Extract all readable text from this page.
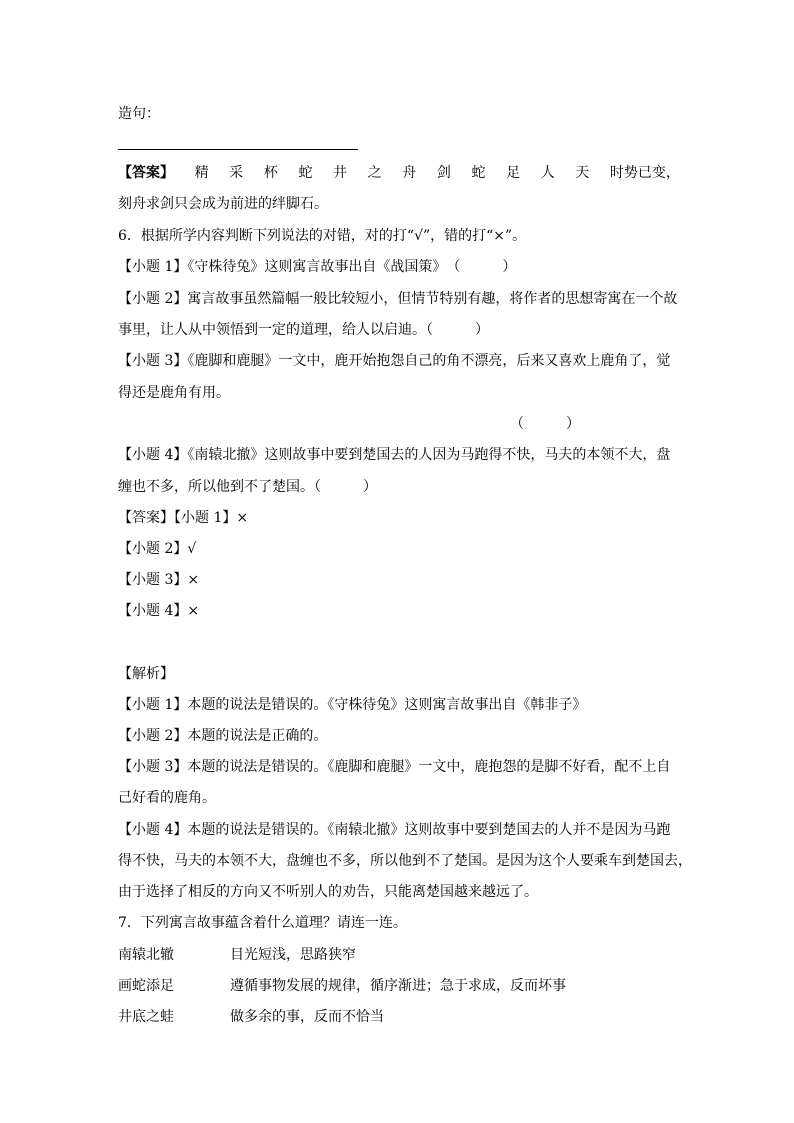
造句：
【答案】 精 采 杯 蛇 井 之 舟 剑 蛇 足 人 天 时势已变，
刻舟求剑只会成为前进的绊脚石。
6．根据所学内容判断下列说法的对错，对的打“√”，错的打“×”。
【小题 1】《守株待兔》这则寓言故事出自《战国策》　（　　　）
【小题 2】寓言故事虽然篇幅一般比较短小，但情节特别有趣，将作者的思想寄寓在一个故
事里，让人从中领悟到一定的道理，给人以启迪。（　　　）
【小题 3】《鹿脚和鹿腿》一文中，鹿开始抱怨自己的角不漂亮，后来又喜欢上鹿角了，觉
得还是鹿角有用。
（　　　）
【小题 4】《南辕北撤》这则故事中要到楚国去的人因为马跑得不快，马夫的本领不大，盘
缠也不多，所以他到不了楚国。（　　　）
【答案】【小题 1】×
【小题 2】√
【小题 3】×
【小题 4】×
【解析】
【小题 1】本题的说法是错误的。《守株待兔》这则寓言故事出自《韩非子》
【小题 2】本题的说法是正确的。
【小题 3】本题的说法是错误的。《鹿脚和鹿腿》一文中，鹿抱怨的是脚不好看，配不上自
己好看的鹿角。
【小题 4】本题的说法是错误的。《南辕北撤》这则故事中要到楚国去的人并不是因为马跑
得不快，马夫的本领不大，盘缠也不多，所以他到不了楚国。是因为这个人要乘车到楚国去，
由于选择了相反的方向又不听别人的劝告，只能离楚国越来越远了。
7．下列寓言故事蕴含着什么道理？请连一连。
南辕北辙	目光短浅，思路狭窄
画蛇添足	遵循事物发展的规律，循序渐进；急于求成，反而坏事
井底之蛙	做多余的事，反而不恰当
